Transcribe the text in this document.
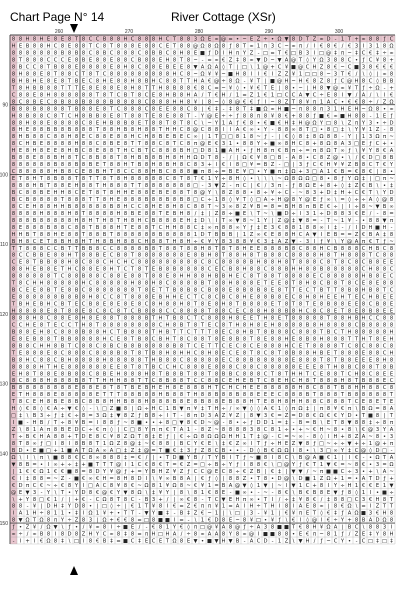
Chart Page N° 14	River Cottage (XSr)
8 8 H 8 H E 8 E 8 T 8 C C B 8 8 H C 8 8 8 H C T 8 8 3 Ω E ∞ @ = • ~ E Z ÷ • Ω ▼ 8 D T Z ∞ D - 1 T + ∞ 8 8 ƒ C
H E B 8 8 H C 8 E 8 8 T C 8 T 8 8 8 E 8 8 C E T 8 8 @ Ω 8 Ω 8 ƒ 8 T ∞ 1 π 3 C ~ ∞ π / I € 8 € / € 3 I 3 1 8 Ω
8 8 8 8 8 8 8 B 8 B 8 C 8 B C 8 8 8 C 8 B B C 8 H 8 E ■ ƒ D I H π Y Z - □ = T € □ B 3 I □ @ ‡ π ~ ‡ C € ‡ ÷ ∞
8 T 8 8 8 C C C E 8 B E 8 8 E 8 8 C B 8 8 E H 8 T 8 ~ - = ∞ € Z ‡ 8 ∞ ▼ D ~ ▼ A @ T ◊ Y Ω 3 8 8 C • ƒ C ¥ 8 +
8 B C C 8 T B 8 8 E 8 8 8 8 E 8 H 8 C 8 8 E B E E 8 ▼ A Ω A ◊ T | □ \ 1 @ + C ¥ ■ @ C H Z 8 € ~ C ■ 3 8 € € €
8 H 8 8 E 8 T 8 8 C T 8 T C 8 8 8 8 8 8 8 8 8 H C 8 ~ Ω ¥ ¥ ~ ■ H 8 I I € I Z Z ¥ 1 □ □ 8 ~ 3 T € / \ ◊ | ∞ 8
B H B H E 8 E 8 T B E C 8 H E 8 8 H 8 B H C 8 8 T T H A € @ ÷ 8 Ω - ¥ T | ■ @ H ~ H € 8 Z 8 ƒ C @ H 8 C ◊ B B
T 8 H B B 8 8 T T T E 8 E 8 8 E 8 H 8 T T H 8 B 8 8 € 8 C = ~ ¥ ◊ • ¥ € T E | 8 • ~ | H 8 ▼ @ ∞ ¥ T ƒ ÷ Ω - +
C 8 8 E 8 H 8 8 8 8 8 8 T 8 T C B T 8 C E 8 H B 8 H A / T € H / 1 = Z 1 € 1 □ C C A ▼ C ÷ E 8 I ▼ / A / \ I €
8 C 8 B E C 8 B 8 8 B 8 8 8 B 8 8 8 8 C 8 8 8 H H 8 ¥ | 8 ~ ◊ 8 @ € € ƒ I ~ 8 Z T 8 ¥ π 1 A C • € € 8 ÷ / Z Ω
B 8 8 B 8 8 8 8 T B 8 8 E 8 T C 8 8 8 C 8 E E 8 8 C 8 | € ‡ - ‡ 8 T ‡ ■ Ω ∞ H ■ ~ π 8 8 π 3 1 H E H ~ Ω 8 • ∞
H 8 B 8 8 C 8 T C H 8 B B 8 E 8 T 8 8 T E 8 E 8 8 T - Y @ E ÷ ÷ ƒ 8 8 π 8 ¥ 8 € + 8 8 ƒ ■ € ∞ ■ H 8 8 - 1 E ƒ
8 8 H 8 8 E 8 8 8 8 C 8 E H B 8 B 8 E T 8 8 T 8 T 8 C \ ~ Y 1 A ƒ € 8 • € ■ € H ‡ H @ Ω Y □ 8 \ Z π Y 3 • ÷ D
8 H E 8 8 B B 8 B 8 8 8 T 8 8 H B 8 H 8 8 T H H C 8 @ C 8 8 I I A € ∞ • Y - 8 8 ∞ 8 T □ • 8 □ ‡ \ Y ¥ 1 Z - 8
8 H B 8 8 C 8 8 H 8 E C 8 8 E 8 8 H C H 8 B E B E C ∞ | 1 T □ □ 8 1 8 ~ ƒ - | € ◊ 8 ‡ 8 Ω 8 8 - Y | 1 3 Ω π ~
8 C H B E 8 8 8 8 H 8 8 C 8 B E 8 T T 8 8 C 8 T C 8 π @ E € 3 1 • 8 8 Y ÷ ■ ∞ 8 H C 8 + 8 Ω 8 A 3 □ E ƒ C + •
H E 8 H 8 E E 8 H B C 8 E 8 8 T H C B T C 8 8 8 B H □ D 8 1 ■ A H • ƒ H 8 π € B π ÷ = π 8 Ω T ∞ ƒ \ ¥ Y 8 € A
B 8 8 E 8 8 B H 8 T C 8 B 8 8 T 8 H B B 8 B H 8 H H Ω D T 8 - / | Ω € ¥ 8 □ B - A 8 • C 8 Z @ • \ / € D □ 8 B
8 8 8 8 8 8 B 8 8 B 8 B E T 8 8 H T B 8 H 8 B H 8 C 8 3 + I € I 8 □ ¥ = B Z - □ | 3 ƒ C € H ¥ ¥ Z B 8 C T € Y
C 8 8 8 8 8 H B 8 C E 8 B H T 8 C C 8 8 H B C 8 8 8 ■ π 8 ÷ = B E ¥ □ • Y ■ π ‡ Ω + 3 □ A 1 € B = € 8 € | 8 •
E T 8 H T 8 B 8 8 T 8 T T 8 T 8 H 8 8 8 8 8 C 8 T 8 T € 1 Y ÷ 8 H ◊ • \ \ \ ~ Ω 8 Ω Ω □ 8 • 8 ƒ Y Ω ‡ | □ π ~
8 8 8 H B T 8 8 E H 8 8 T H 8 8 8 T T 8 8 8 8 8 8 8 □ - 3 ▼ Z - π C | € / 3 π - ƒ 8 Ω E + 8 + ◊ ‡ Z € B \ • ‡
B C 8 8 B E H H 8 C E T 8 T 8 H H E 8 8 E B E 8 8 T 8 @ Y \ 8 Z 8 8 • 8 ÷ ¥ ÷ C - ~ 8 3 + D ‡ H + C € T \ Y D
B C B 8 8 8 8 T 8 8 8 T T 8 H E 8 8 8 B 8 8 B 8 B 8 □ C ÷ 1 8 ◊ ¥ T ◊ □ A ÷ H @ 8 Y @ E ƒ ∞ \ = ◊ ÷ ÷ A ◊ @ 8
8 C E H 8 8 H H B 8 8 8 8 8 B 8 H C C 8 H E 8 H 8 C 8 8 T ~ 3 ∞ 8 Z ¥ B = 8 = B H 8 π B E € ÷ | I ÷ 8 ~ ▼ B ∞
8 8 8 8 H 8 8 8 H 8 T 8 8 8 8 H 8 B E 8 8 T E B H 8 / ‡ | Z 8 ÷ ■ E \ T ~ \ ■ D ÷ I 3 1 ÷ D 8 8 3 € E / - 8 =
8 8 8 B 8 8 8 8 8 H 8 H T H 8 T H 8 H C B 8 8 8 E H ‡ D \ I T ∞ ▼ 8 ~ 1 Y | Z @ ‡ ▼ 8 = - T ~ 1 ¥ - • 8 8 ▼ π
8 E 8 8 8 B 8 8 C 8 8 T B 8 8 H T E 8 8 T C H H 8 8 C ‡ ∞ π 8 8 ∞ Y ƒ ‡ E 3 € 8 8 1 8 8 ∞ I ‡ - / I D H ■ H -
H H B T 8 8 H E 8 8 T 8 8 B T 8 8 8 8 8 8 B 8 8 8 8 1 D T B B B | 1 Z ∞ € E 8 8 H C A ▼ I E B = = Z € B A ‡ 8
B H 8 C E T 8 B H 8 H T H 8 B H 8 8 C H 8 8 T H 8 H ÷ € ¥ Y 8 3 8 8 ¥ € 3 ‡ A Z ▼ - 3 I ƒ ¥ \ Y @ A π € T ƒ ~
T T 8 8 8 C C B T T B B 8 C C 8 8 8 8 B 8 T 8 8 T 8 8 H 8 T 8 T 8 H E E 8 8 8 B 8 C 8 8 H C B 8 8 8 C H B C 8
8 C C B B E 8 8 H T 8 8 B E C B 8 T 8 8 8 8 8 8 8 E 8 B H 8 T 8 8 H 8 T B 8 8 C 8 8 8 8 H 8 T H 8 8 8 T C 8 8
C E 8 T B B 8 8 H 8 C 8 8 C H C H C 8 8 8 8 8 8 8 8 8 C 8 C 8 8 8 8 B H 8 8 H 8 T 8 8 8 C 8 T 8 C 8 C B 8 E E
8 8 H E B 8 E T H C 8 8 E 8 H T C T 8 T E B 8 B 8 8 8 8 C E C B 8 H 8 8 C 8 8 B H H 8 8 B 8 8 8 8 8 C H 8 8 C
8 8 8 8 8 8 T C 8 8 B 8 8 C 8 8 E 8 8 T 8 8 E 8 H H 8 8 H B B H E C 8 T 8 8 T 8 8 8 8 E C 8 8 8 8 8 H B 8 E C
T 8 C H H 8 8 8 8 8 H C 8 8 8 8 8 H 8 8 H 8 C 8 8 8 8 B T 8 8 H 8 8 8 E T E E 8 T 8 H 8 C B 8 T 8 C E 8 E 8 8
B C E E 8 B T E 8 B C 8 8 8 8 8 8 8 T 8 E T T B 8 B 8 C B 8 8 E 8 B 8 B 8 E 8 T T E C T B T T 8 B 8 H B 8 T C
E 8 8 8 8 8 8 B 8 B 8 H 8 C C 8 T 8 8 8 E B H H E C T C 8 C B C 8 H E 8 8 B 8 E C 8 H 8 H E E H T E C H B E E
T B H E B H C B T E C B 8 E 8 E 8 E 8 C 8 H 8 8 H 8 T 8 E 8 H 8 T B 8 8 8 E T 8 T 8 T E 8 B 8 8 E E 8 C B 8 E
H 8 8 8 8 E 8 T 8 8 E 8 C 8 C 8 T C B 8 8 8 C C 8 8 8 8 T 8 8 C E C 8 8 H 8 8 B 8 H C 8 C 8 E T 8 E 8 B 8 E E
8 8 8 H 8 C 8 8 E 8 H 8 E 8 8 T 8 8 8 B T H T B 8 C T C 8 8 8 H 8 E E T H 8 E T 8 8 8 8 8 T 8 8 H B H C C 8 8
C C H E 8 T E C C T H 8 T 8 8 8 8 8 8 8 8 C H 8 B T 8 T E C 8 T H 8 H 8 E H 8 8 8 8 B 8 H 8 8 8 8 C B 8 8 8 8
B 8 8 E H 8 C 8 8 8 B 8 8 H C T B 8 8 8 T H B T T C T T T 8 E C 8 H B T 8 B 8 8 C 8 8 8 T B C T H 8 8 8 8 8 H
E 8 E B 8 8 T B B 8 8 8 8 H C E 8 T B 8 C B H T 8 C 8 8 T 8 E 8 B 8 T 8 E 8 8 H E 8 B 8 H 8 8 8 T T H T 8 E H
8 B 8 C H H 8 B T C 8 8 C 8 B C B 8 B 8 8 8 8 B 8 T C E T T C E C 8 C E 8 8 8 H C E T 8 8 8 8 T C 8 C 8 8 C 8
T E 8 8 8 E 8 C 8 8 8 C 8 8 8 B 8 T 8 T B 8 H 8 H H C 8 H 8 E C E 8 T 8 C 8 T 8 B 8 8 H B E T 8 8 8 E 8 8 C H
B 8 H C 8 8 C B H 8 8 8 8 H 8 8 8 8 8 T H B 8 8 C 8 8 8 8 8 E C 8 8 B 8 8 8 8 8 E 8 8 8 T 8 T B 8 E E E 8 H 8
8 8 8 8 H T H E 8 8 8 8 8 8 E E 8 T 8 T B C C H C 8 8 8 E 8 8 8 C 8 8 C 8 8 8 8 8 E E E 8 T H 8 B C 8 8 T 8 B
E H 8 T 8 8 E 8 B 8 8 C 8 B E H 8 8 8 H 8 T B 8 B T 8 8 T 8 B B C 8 8 8 C T 8 T H H T C E 8 8 T C H 8 C 8 E E
8 C 8 8 8 H 8 8 8 B 8 T T H H H 8 8 T T C 8 B 8 8 T C C 8 8 C E H E B T C 8 E H C H 8 T 8 8 8 H 8 T B 8 8 E C
B 8 8 8 8 8 8 8 8 E 8 8 E 8 T 8 T B E B H E H 8 E 8 8 8 H T C H C H E E 8 8 8 8 8 H 8 C 8 8 T B 8 H H 8 8 C 8
E T H 8 8 8 E 8 8 8 8 8 E T T T 8 8 B 8 8 H B 8 8 T H 8 8 B 8 8 B 8 8 E E E C 8 8 8 B T 8 8 8 T B 8 8 8 8 8 T
T 8 C E H 8 B E 8 B C 8 B 8 H H B 8 8 H 8 8 8 B 8 E 8 B 8 8 E B 8 8 H T E 8 H 8 H H 8 8 C 8 8 8 T C E 8 E T E
H ◊ € 8 ◊ € A ÷ ▼ € ◊ - \ □ Z ■ 8 | Ω ÷ H C 1 B ▼ π ¥ ‡ T H ÷ / ∞ ▼ ◊ ◊ A € 1 ◊ π Ω ‡ | π 8 ¥ € π \ B Ω = 8 A
□ ‡ \ B 3 ÷ ƒ ‡ € ÷ 8 = 3 Ω ‡ ▼ 8 Z ƒ B 8 ÷ I T - 8 π D 3 A Z ¥ Z | 8 ▼ 3 € = Z = D 8 € Ω € € Y D • T ■ 8 | T
I ■ - H B / T ÷ 8 ¥ B = I 8 8 ƒ ~ 8 ■ • • + 8 □ ▼ 8 € D ~ @ - 8 • ÷ ƒ D D 1 = ‡ - B = B \ E T 8 ▼ 8 8 ‡ ÷ 8 π
Z \ 8 1 A π 8 B E D C ÷ € π ◊ | C □ 8 Y π π € T A 1 - 8 Z ~ 8 8 8 8 3 8 C 8 1 ÷ • + ~ € H ~ 8 • 8 \ € @ 3 Y A
T ÷ B € H A 8 8 + T D E 8 C ¥ 8 Z Ω T 8 ‡ E ƒ | € ÷ Ω 8 Ω Ω Ω H H 1 T ‡ @ - C = ~ ∞ - 8 ◊ I H + 8 Z A ~ 8 • 3
8 T 8 ∞ ƒ □ I 8 I 8 B 8 T 1 Ω Z 8 @ ‡ ~ € 8 8 | B C Y € E \ ‡ € Z ∞ I T ƒ ÷ H E Z ▼ 8 ƒ □ ~ ÷ ÷ ▼ + ÷ 1 @ + π
B D • E ■ □ + 1 ■ A T Ω A ∞ A □ ‡ Z ‡ @ = T ■ € ‡ 3 ƒ Z 8 C B • • - D ◊ B € Ω Ω I 8 • \ 3 □ ∞ Y ‡ C @ ◊ D □ -
Ω \ I \ π \ ■ 8 8 € C 8 ∞ 8 8 8 ‡ = € / | • T D ■ Y B / T Y B I T ƒ ~ ■ 8 I 8 C \ B @ A ■ € 1 | I € - • Ω T A
▼ 8 B = • I ∞ + ÷ ‡ + ■ T T T @ I 1 C € 8 € T = € Z = □ ÷ B ÷ Y ƒ I 8 8 € \ □ @ Y ƒ € T 1 ▼ € = ~ 8 € • 3 = Ω
| 1 € € Ω 1 € € ■ 8 = 8 D Y ¥ @ ƒ + = Y B H Z ¥ Z ƒ C C @ E C 8 ÷ € Z B | € ‡ | ▼ ▼ / ~ π ■ ■ C ÷ 3 • + \ A ~
€ I ‡ 8 8 = ~ Z - ■ € ∞ € H = 8 H 8 D I \ ¥ ∞ B 8 A | € ƒ ◊ | 8 8 Z • T 8 • D @ \ D ■ 1 Z Ω + 1 = • A T D ƒ +
€ D π C € ~ ÷ € 8 Y I □ A C 8 ¥ 8 € ~ Ω 8 1 ¥ Ω 8 ~ € ¥ 1 = B A @ ▼ ◊ 1 ▼ | ~ I ▼ 1 C + 8 I Y ÷ H 1 € € E 1 ▼
@ E ▼ 3 - Y \ T • Y D 8 € @ € Y ▼ 8 Ω \ ‡ ¥ Y | 8 \ 8 1 € 8 E - ■ ∞ • - ~ - 8 € \ B € B 8 E ▼ ƒ 8 ◊ 1 I • ■ ÷
\ + Y 8 □ € 1 / | + € - C Ω 8 T 8 C - B 3 + / | ∞ € 8 - T C ▼ E H π ∞ • T I / ÷ ‡ ¥ 8 € / ‡ 8 8 □ C 3 € H 8 T
8 8 - ¥ | D H ‡ Y D 8 • | □ ◊ ÷ | € 1 T ¥ 8 I € = Z € π π ¥ 1 = A I H ÷ T H I 8 I A E 8 ∞ | 8 € Ω \ = I Z T T
I A 1 H ÷ 8 1 1 • ‡ I Ω 1 ¥ + • T T - ▼ Y ■ ‡ - B ‡ Z € ~ 1 | \ □ | 3 - ¥ 1 | € ¥ π E T ◊ € ‡ ƒ A Ω ■ 3 € H 8
8 ▼ Ω T Ω 8 π Y ÷ Z 8 3 | Ω + € € 8 = □ 8 ■ ■ I = - \ 1 € D 8 E ~ 8 ¥ □ • ¥ ƒ \ € I ◊ @ I € ÷ Y + 8 B A D Ω 8
ƒ • Z ¥ / Ω ▼ \ ƒ • / ¥ ∞ 8 I ÷ ■ E / - € 8 1 Y € ◊ π □ @ ¥ A 8 @ ƒ ÷ A 3 8 ■ ■ T € 8 H ¥ Ω A | B C \ 8 8 3 I
∞ ÷ / ∞ B 8 I 8 D 8 Z H Y C ∞ 8 ‡ 8 = π H □ H A / ÷ 8 ∞ A A 8 Y 8 ∞ @ I ■ ■ 8 8 • E € π ~ 8 1 ƒ / Z E ‡ Y 8 H
- I + I € Ω 8 ‡ \ □ I 8 € B ‡ = ■ C ‡ E C E T Ω 8 E ▼ • ■ ▼ H ▼ B - A C D - 1 Z \ ▼ H / ƒ ~ C Y • - C □ ‡ □ ‡
260	270	280	290	300
90
100
110
120
130
140
150
